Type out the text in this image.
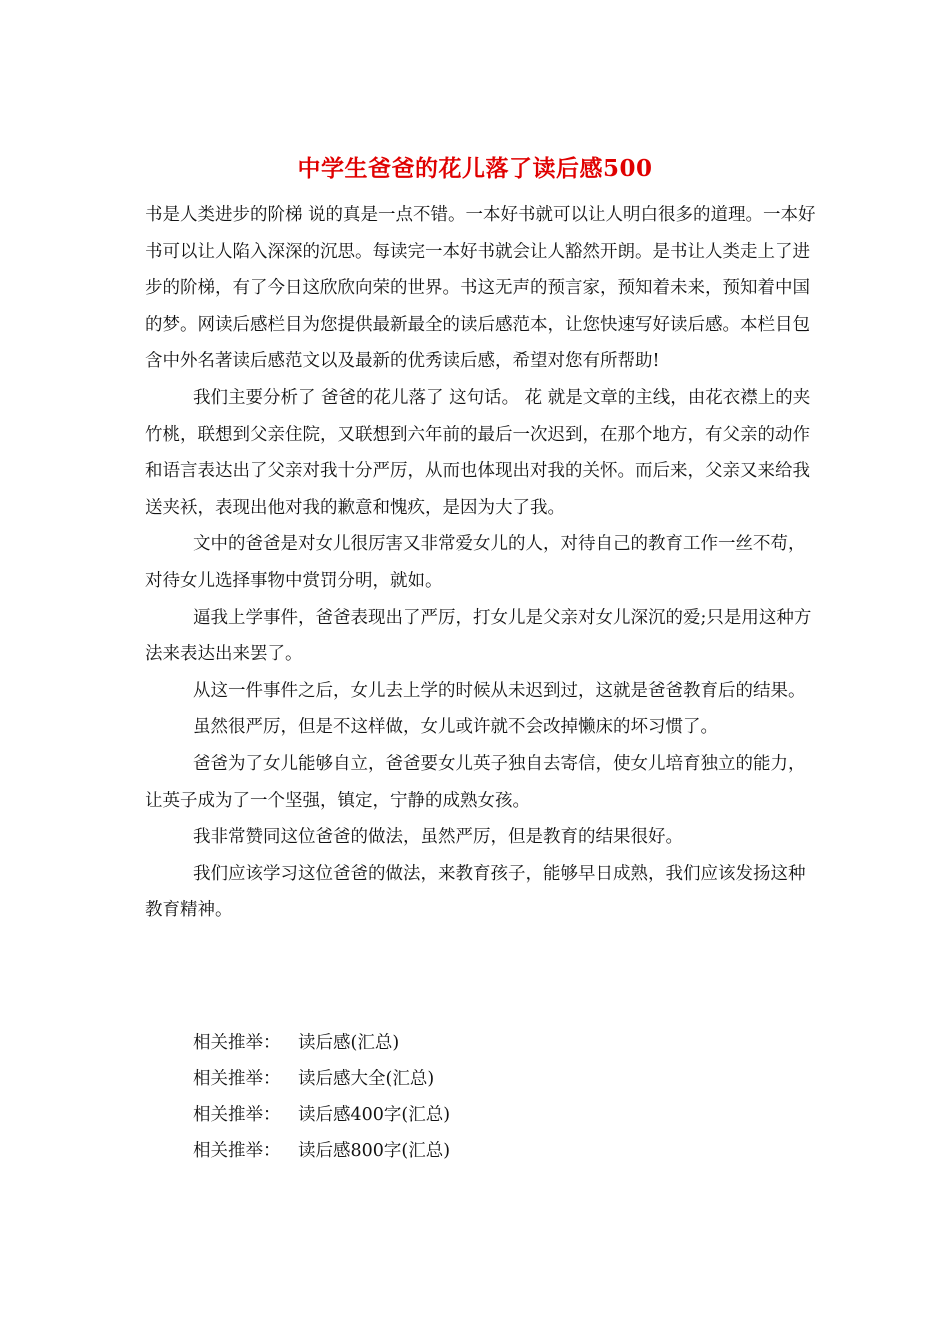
中学生爸爸的花儿落了读后感500

书是人类进步的阶梯 说的真是一点不错。一本好书就可以让人明白很多的道理。一本好书可以让人陷入深深的沉思。每读完一本好书就会让人豁然开朗。是书让人类走上了进步的阶梯，有了今日这欣欣向荣的世界。书这无声的预言家，预知着未来，预知着中国的梦。网读后感栏目为您提供最新最全的读后感范本，让您快速写好读后感。本栏目包含中外名著读后感范文以及最新的优秀读后感，希望对您有所帮助!

我们主要分析了 爸爸的花儿落了 这句话。 花 就是文章的主线，由花衣襟上的夹竹桃，联想到父亲住院，又联想到六年前的最后一次迟到，在那个地方，有父亲的动作和语言表达出了父亲对我十分严厉，从而也体现出对我的关怀。而后来，父亲又来给我送夹袄，表现出他对我的歉意和愧疚，是因为大了我。

文中的爸爸是对女儿很厉害又非常爱女儿的人，对待自己的教育工作一丝不苟，对待女儿选择事物中赏罚分明，就如。

逼我上学事件，爸爸表现出了严厉，打女儿是父亲对女儿深沉的爱;只是用这种方法来表达出来罢了。

从这一件事件之后，女儿去上学的时候从未迟到过，这就是爸爸教育后的结果。

虽然很严厉，但是不这样做，女儿或许就不会改掉懒床的坏习惯了。

爸爸为了女儿能够自立，爸爸要女儿英子独自去寄信，使女儿培育独立的能力，让英子成为了一个坚强，镇定，宁静的成熟女孩。

我非常赞同这位爸爸的做法，虽然严厉，但是教育的结果很好。

我们应该学习这位爸爸的做法，来教育孩子，能够早日成熟，我们应该发扬这种教育精神。

相关推举： 读后感(汇总)
相关推举： 读后感大全(汇总)
相关推举： 读后感400字(汇总)
相关推举： 读后感800字(汇总)
